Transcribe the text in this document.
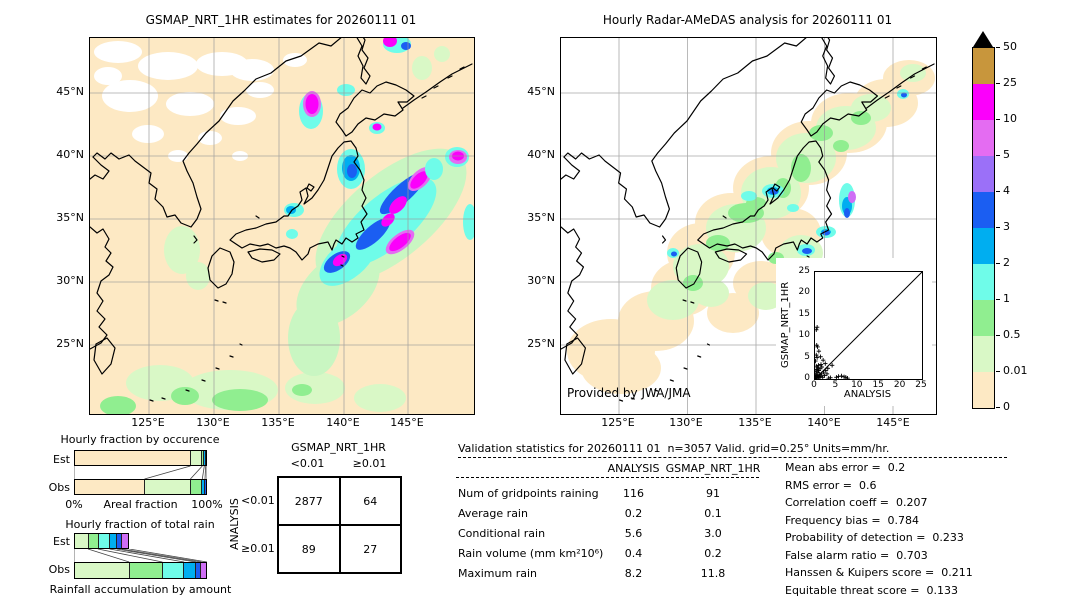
GSMAP_NRT_1HR estimates for 20260111 01	Hourly Radar-AMeDAS analysis for 20260111 01
Provided by JWA/JMA
GSMAP_NRT_1HR
0
5
10
15
20
25
0	5	10	15	20	25
ANALYSIS
45°N	45°N
40°N	40°N
35°N	35°N
30°N	30°N
25°N	25°N
125°E	125°E
130°E	130°E
135°E	135°E
140°E	140°E
145°E	145°E
50
25
10
5
4
3
2
1
0.5
0.01
0
Hourly fraction by occurence
Est
Obs
0%	Areal fraction	100%
Hourly fraction of total rain
Est
Obs
Rainfall accumulation by amount
GSMAP_NRT_1HR
<0.01	≥0.01
ANALYSIS <0.01
≥0.01
2877	64
89	27
Validation statistics for 20260111 01  n=3057 Valid. grid=0.25° Units=mm/hr.
ANALYSIS GSMAP_NRT_1HR
Num of gridpoints raining	116	91
Average rain	0.2	0.1
Conditional rain	5.6	3.0
Rain volume (mm km²10⁶)	0.4	0.2
Maximum rain	8.2	11.8
Mean abs error =  0.2
RMS error =  0.6
Correlation coeff =  0.207
Frequency bias =  0.784
Probability of detection =  0.233
False alarm ratio =  0.703
Hanssen & Kuipers score =  0.211
Equitable threat score =  0.133
